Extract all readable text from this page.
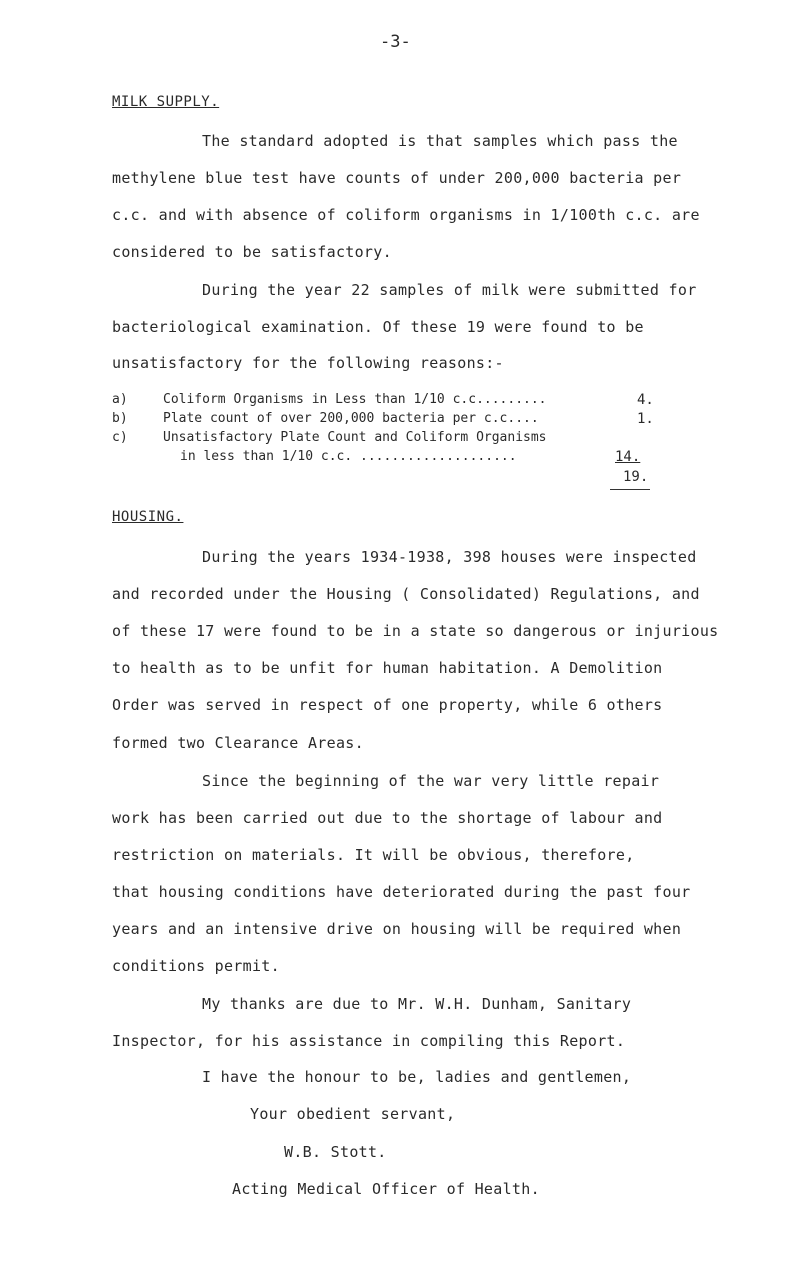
-3-
MILK SUPPLY.
The standard adopted is that samples which pass the
methylene blue test have counts of under 200,000 bacteria per
c.c. and with absence of coliform organisms in 1/100th c.c. are
considered to be satisfactory.
During the year 22 samples of milk were submitted for
bacteriological examination. Of these 19 were found to be
unsatisfactory for the following reasons:-
a)	Coliform Organisms in Less than 1/10 c.c.........	4.
b)	Plate count of over 200,000 bacteria per c.c....	1.
c)	Unsatisfactory Plate Count and Coliform Organisms
in less than 1/10 c.c. ....................	14.
19.
HOUSING.
During the years 1934-1938, 398 houses were inspected
and recorded under the Housing ( Consolidated) Regulations, and
of these 17 were found to be in a state so dangerous or injurious
to health as to be unfit for human habitation. A Demolition
Order was served in respect of one property, while 6 others
formed two Clearance Areas.
Since the beginning of the war very little repair
work has been carried out due to the shortage of labour and
restriction on materials. It will be obvious, therefore,
that housing conditions have deteriorated during the past four
years and an intensive drive on housing will be required when
conditions permit.
My thanks are due to Mr. W.H. Dunham, Sanitary
Inspector, for his assistance in compiling this Report.
I have the honour to be, ladies and gentlemen,
Your obedient servant,
W.B. Stott.
Acting Medical Officer of Health.
